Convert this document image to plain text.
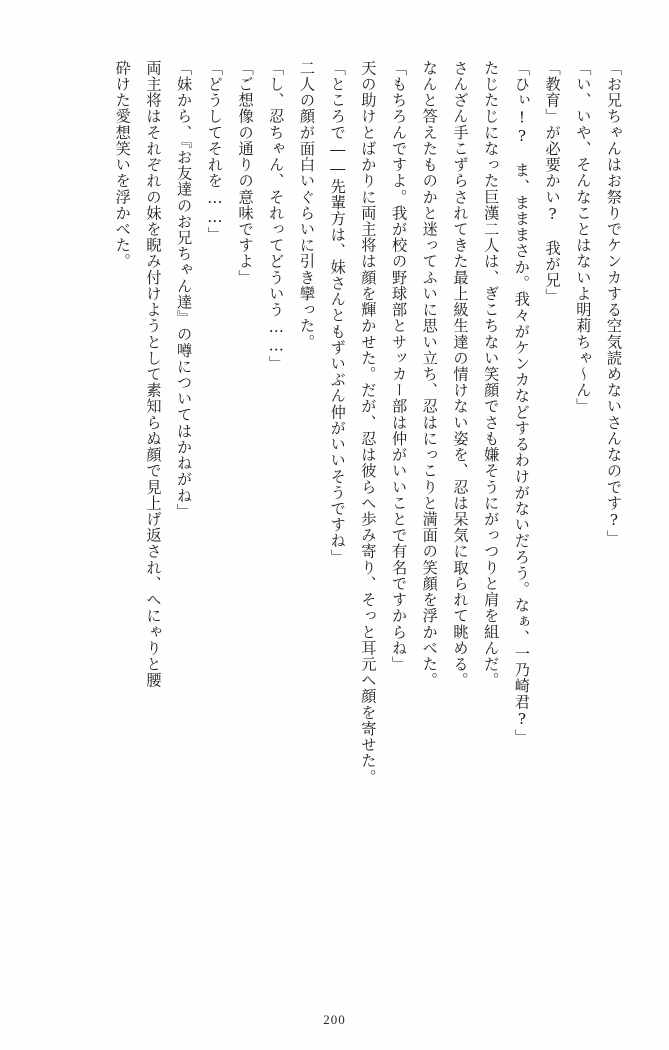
「お兄ちゃんはお祭りでケンカする空気読めないさんなのです?」
「い、いや、そんなことはないよ明莉ちゃ～ん」
「教育」が必要かい?　我が兄」
「ひぃ!?　ま、まままさか。我々がケンカなどするわけがないだろう。なぁ、一乃崎君?」
たじたじになった巨漢二人は、ぎこちない笑顔でさも嫌そうにがっつりと肩を組んだ。
さんざん手こずらされてきた最上級生達の情けない姿を、忍は呆気に取られて眺める。
なんと答えたものかと迷ってふいに思い立ち、忍はにっこりと満面の笑顔を浮かべた。
「もちろんですよ。我が校の野球部とサッカー部は仲がいいことで有名ですからね」
天の助けとばかりに両主将は顔を輝かせた。だが、忍は彼らへ歩み寄り、そっと耳元へ顔を寄せた。
「ところで――先輩方は、妹さんともずいぶん仲がいいそうですね」
二人の顔が面白いぐらいに引き攣った。
「し、忍ちゃん、それってどういう……」
「ご想像の通りの意味ですよ」
「どうしてそれを……」
「妹から、『お友達のお兄ちゃん達』の噂についてはかねがね」
両主将はそれぞれの妹を睨み付けようとして素知らぬ顔で見上げ返され、へにゃりと腰
砕けた愛想笑いを浮かべた。
200
